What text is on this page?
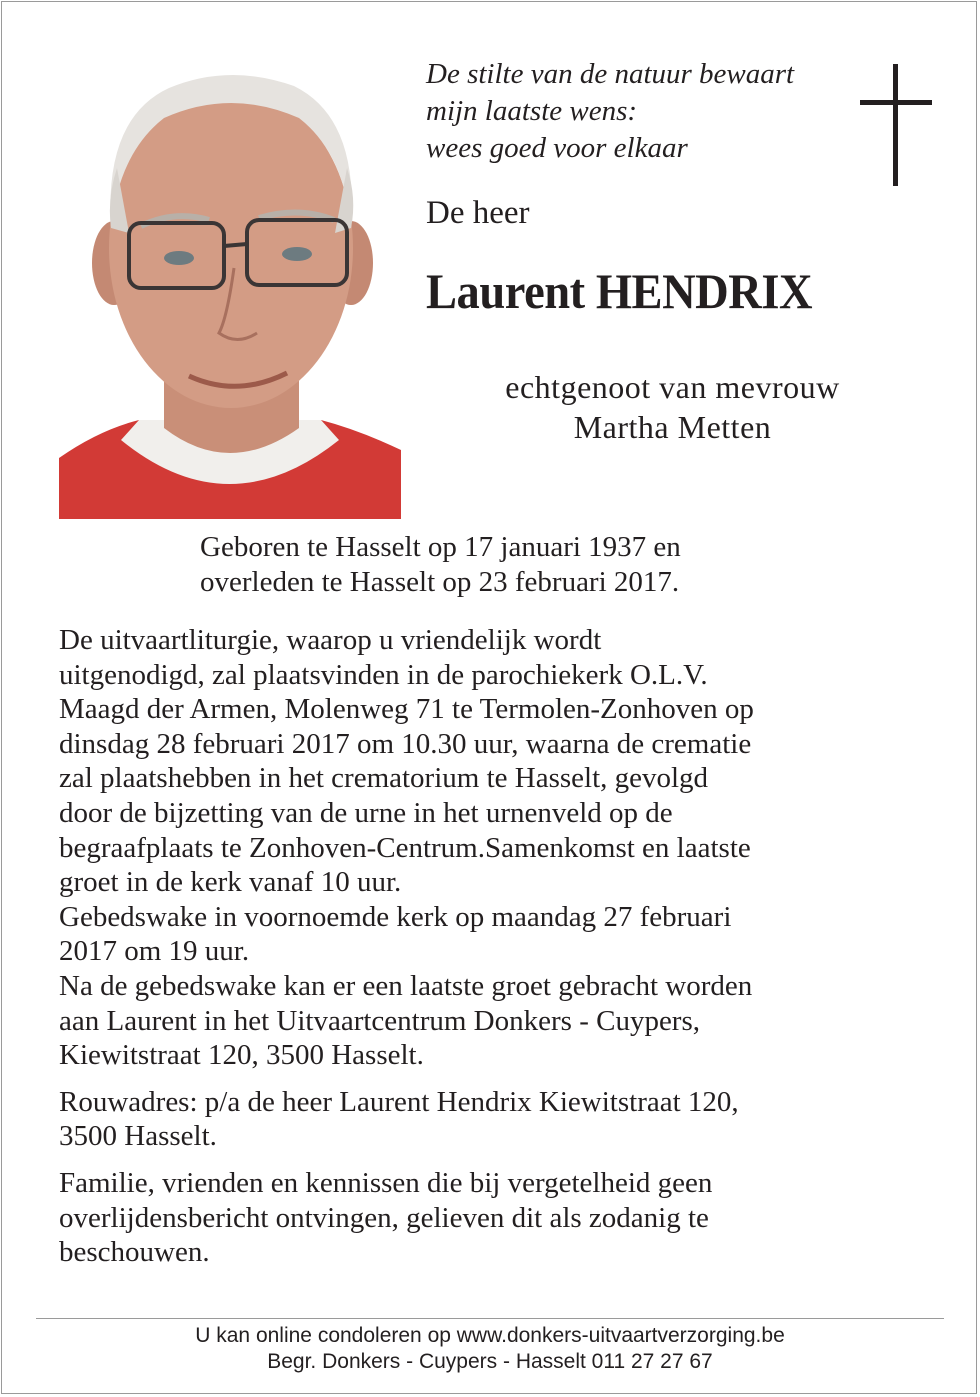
De stilte van de natuur bewaart
mijn laatste wens:
wees goed voor elkaar
De heer
Laurent HENDRIX
echtgenoot van mevrouw
Martha Metten
Geboren te Hasselt op 17 januari 1937 en
overleden te Hasselt op 23 februari 2017.
De uitvaartliturgie, waarop u vriendelijk wordt
uitgenodigd, zal plaatsvinden in de parochiekerk O.L.V.
Maagd der Armen, Molenweg 71 te Termolen-Zonhoven op
dinsdag 28 februari 2017 om 10.30 uur, waarna de crematie
zal plaatshebben in het crematorium te Hasselt, gevolgd
door de bijzetting van de urne in het urnenveld op de
begraafplaats te Zonhoven-Centrum.Samenkomst en laatste
groet in de kerk vanaf 10 uur.
Gebedswake in voornoemde kerk op maandag 27 februari
2017 om 19 uur.
Na de gebedswake kan er een laatste groet gebracht worden
aan Laurent in het Uitvaartcentrum Donkers - Cuypers,
Kiewitstraat 120, 3500 Hasselt.
Rouwadres: p/a de heer Laurent Hendrix Kiewitstraat 120,
3500 Hasselt.
Familie, vrienden en kennissen die bij vergetelheid geen
overlijdensbericht ontvingen, gelieven dit als zodanig te
beschouwen.
U kan online condoleren op www.donkers-uitvaartverzorging.be
Begr. Donkers - Cuypers - Hasselt 011 27 27 67
